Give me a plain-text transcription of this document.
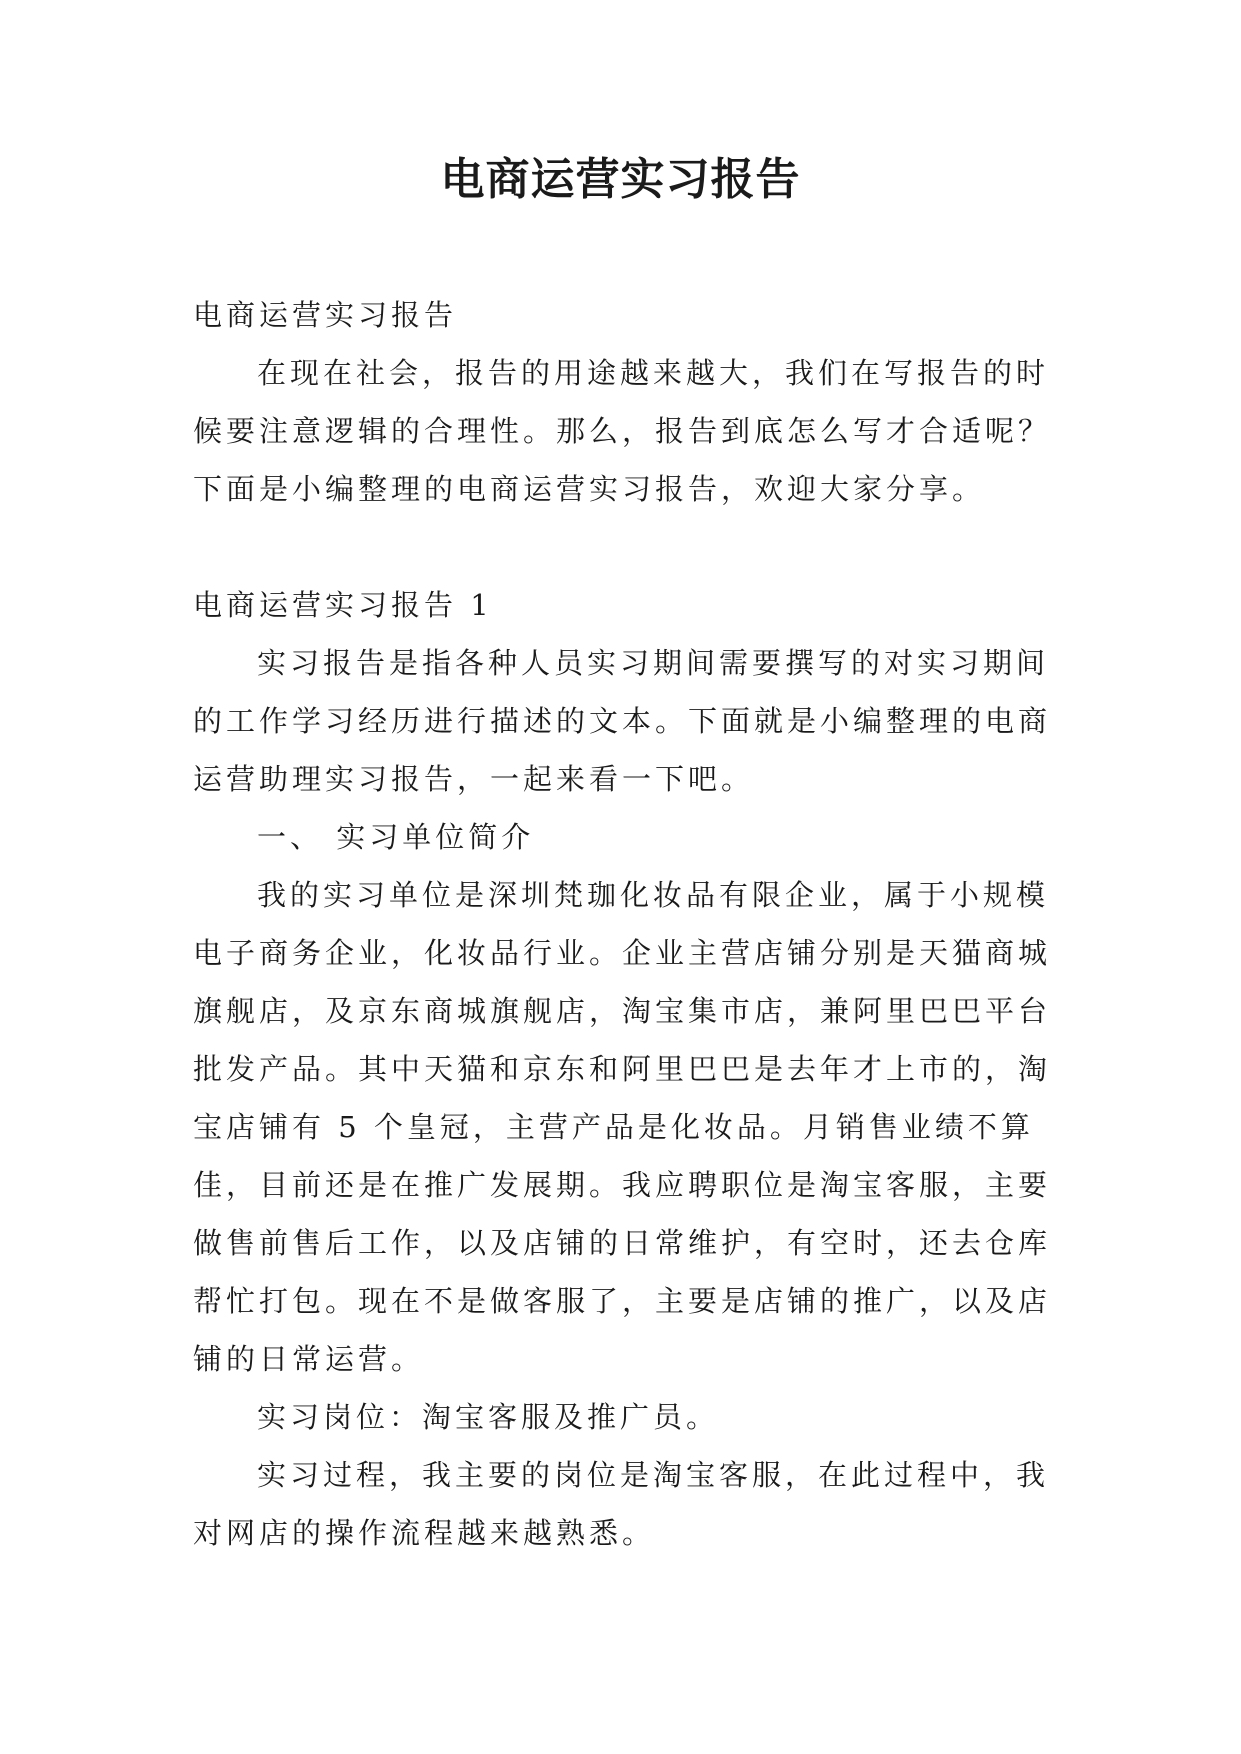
电商运营实习报告

电商运营实习报告

在现在社会，报告的用途越来越大，我们在写报告的时候要注意逻辑的合理性。那么，报告到底怎么写才合适呢？下面是小编整理的电商运营实习报告，欢迎大家分享。

电商运营实习报告 1

实习报告是指各种人员实习期间需要撰写的对实习期间的工作学习经历进行描述的文本。下面就是小编整理的电商运营助理实习报告，一起来看一下吧。

一、 实习单位简介

我的实习单位是深圳梵珈化妆品有限企业，属于小规模电子商务企业，化妆品行业。企业主营店铺分别是天猫商城旗舰店，及京东商城旗舰店，淘宝集市店，兼阿里巴巴平台批发产品。其中天猫和京东和阿里巴巴是去年才上市的，淘宝店铺有 5 个皇冠，主营产品是化妆品。月销售业绩不算佳，目前还是在推广发展期。我应聘职位是淘宝客服，主要做售前售后工作，以及店铺的日常维护，有空时，还去仓库帮忙打包。现在不是做客服了，主要是店铺的推广，以及店铺的日常运营。

实习岗位：淘宝客服及推广员。

实习过程，我主要的岗位是淘宝客服，在此过程中，我对网店的操作流程越来越熟悉。
